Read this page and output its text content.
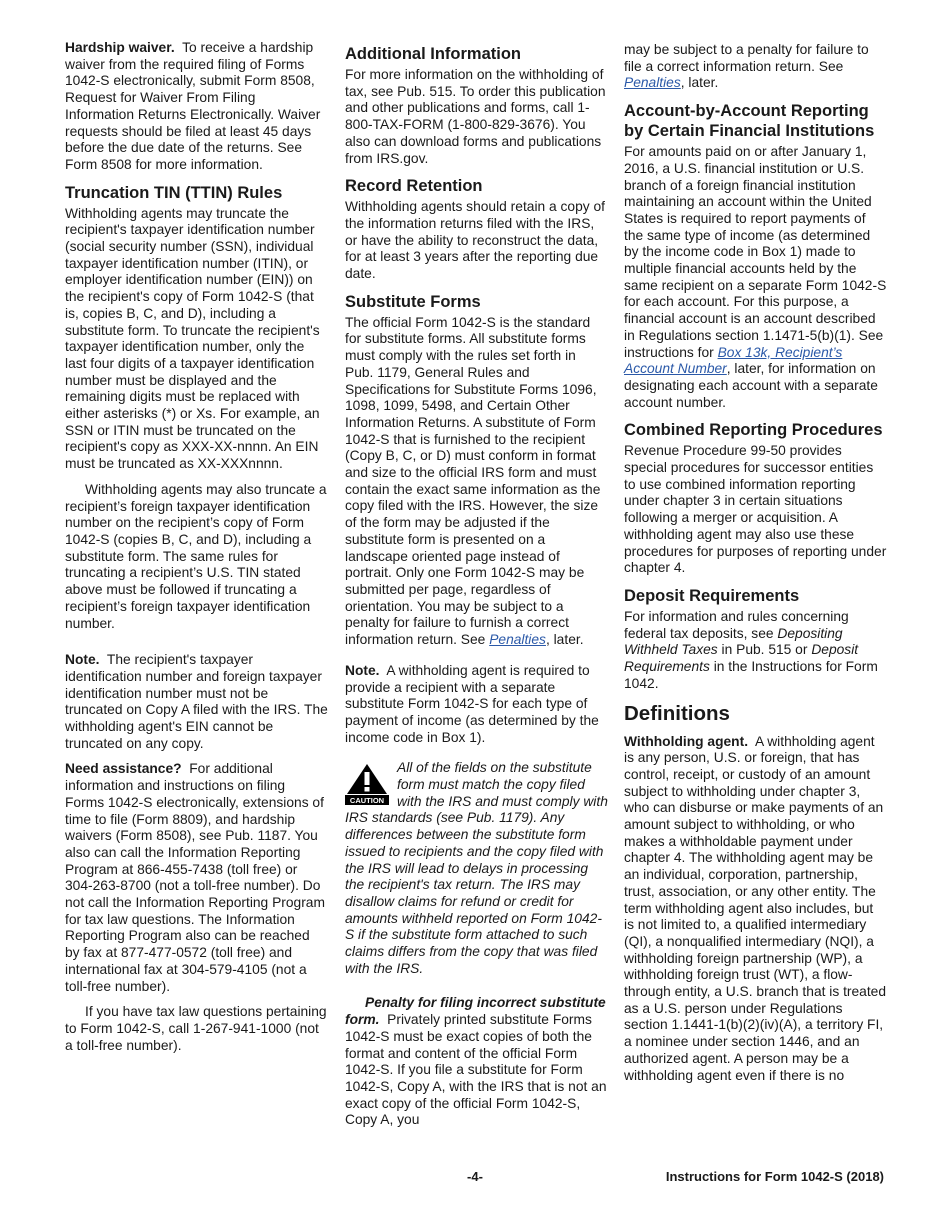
Hardship waiver. To receive a hardship waiver from the required filing of Forms 1042-S electronically, submit Form 8508, Request for Waiver From Filing Information Returns Electronically. Waiver requests should be filed at least 45 days before the due date of the returns. See Form 8508 for more information.

Truncation TIN (TTIN) Rules

Withholding agents may truncate the recipient's taxpayer identification number (social security number (SSN), individual taxpayer identification number (ITIN), or employer identification number (EIN)) on the recipient's copy of Form 1042-S (that is, copies B, C, and D), including a substitute form. To truncate the recipient's taxpayer identification number, only the last four digits of a taxpayer identification number must be displayed and the remaining digits must be replaced with either asterisks (*) or Xs. For example, an SSN or ITIN must be truncated on the recipient's copy as XXX-XX-nnnn. An EIN must be truncated as XX-XXXnnnn.

Withholding agents may also truncate a recipient’s foreign taxpayer identification number on the recipient’s copy of Form 1042-S (copies B, C, and D), including a substitute form. The same rules for truncating a recipient’s U.S. TIN stated above must be followed if truncating a recipient’s foreign taxpayer identification number.

Note. The recipient's taxpayer identification number and foreign taxpayer identification number must not be truncated on Copy A filed with the IRS. The withholding agent's EIN cannot be truncated on any copy.

Need assistance? For additional information and instructions on filing Forms 1042-S electronically, extensions of time to file (Form 8809), and hardship waivers (Form 8508), see Pub. 1187. You also can call the Information Reporting Program at 866-455-7438 (toll free) or 304-263-8700 (not a toll-free number). Do not call the Information Reporting Program for tax law questions. The Information Reporting Program also can be reached by fax at 877-477-0572 (toll free) and international fax at 304-579-4105 (not a toll-free number).

If you have tax law questions pertaining to Form 1042-S, call 1-267-941-1000 (not a toll-free number).

Additional Information

For more information on the withholding of tax, see Pub. 515. To order this publication and other publications and forms, call 1-800-TAX-FORM (1-800-829-3676). You also can download forms and publications from IRS.gov.

Record Retention

Withholding agents should retain a copy of the information returns filed with the IRS, or have the ability to reconstruct the data, for at least 3 years after the reporting due date.

Substitute Forms

The official Form 1042-S is the standard for substitute forms. All substitute forms must comply with the rules set forth in Pub. 1179, General Rules and Specifications for Substitute Forms 1096, 1098, 1099, 5498, and Certain Other Information Returns. A substitute of Form 1042-S that is furnished to the recipient (Copy B, C, or D) must conform in format and size to the official IRS form and must contain the exact same information as the copy filed with the IRS. However, the size of the form may be adjusted if the substitute form is presented on a landscape oriented page instead of portrait. Only one Form 1042-S may be submitted per page, regardless of orientation. You may be subject to a penalty for failure to furnish a correct information return. See Penalties, later.

Note. A withholding agent is required to provide a recipient with a separate substitute Form 1042-S for each type of payment of income (as determined by the income code in Box 1).

CAUTION
All of the fields on the substitute form must match the copy filed with the IRS and must comply with IRS standards (see Pub. 1179). Any differences between the substitute form issued to recipients and the copy filed with the IRS will lead to delays in processing the recipient's tax return. The IRS may disallow claims for refund or credit for amounts withheld reported on Form 1042-S if the substitute form attached to such claims differs from the copy that was filed with the IRS.

Penalty for filing incorrect substitute form. Privately printed substitute Forms 1042-S must be exact copies of both the format and content of the official Form 1042-S. If you file a substitute for Form 1042-S, Copy A, with the IRS that is not an exact copy of the official Form 1042-S, Copy A, you

may be subject to a penalty for failure to file a correct information return. See Penalties, later.

Account-by-Account Reporting by Certain Financial Institutions

For amounts paid on or after January 1, 2016, a U.S. financial institution or U.S. branch of a foreign financial institution maintaining an account within the United States is required to report payments of the same type of income (as determined by the income code in Box 1) made to multiple financial accounts held by the same recipient on a separate Form 1042-S for each account. For this purpose, a financial account is an account described in Regulations section 1.1471-5(b)(1). See instructions for Box 13k, Recipient’s Account Number, later, for information on designating each account with a separate account number.

Combined Reporting Procedures

Revenue Procedure 99-50 provides special procedures for successor entities to use combined information reporting under chapter 3 in certain situations following a merger or acquisition. A withholding agent may also use these procedures for purposes of reporting under chapter 4.

Deposit Requirements

For information and rules concerning federal tax deposits, see Depositing Withheld Taxes in Pub. 515 or Deposit Requirements in the Instructions for Form 1042.

Definitions

Withholding agent. A withholding agent is any person, U.S. or foreign, that has control, receipt, or custody of an amount subject to withholding under chapter 3, who can disburse or make payments of an amount subject to withholding, or who makes a withholdable payment under chapter 4. The withholding agent may be an individual, corporation, partnership, trust, association, or any other entity. The term withholding agent also includes, but is not limited to, a qualified intermediary (QI), a nonqualified intermediary (NQI), a withholding foreign partnership (WP), a withholding foreign trust (WT), a flow-through entity, a U.S. branch that is treated as a U.S. person under Regulations section 1.1441-1(b)(2)(iv)(A), a territory FI, a nominee under section 1446, and an authorized agent. A person may be a withholding agent even if there is no

-4-	Instructions for Form 1042-S (2018)
